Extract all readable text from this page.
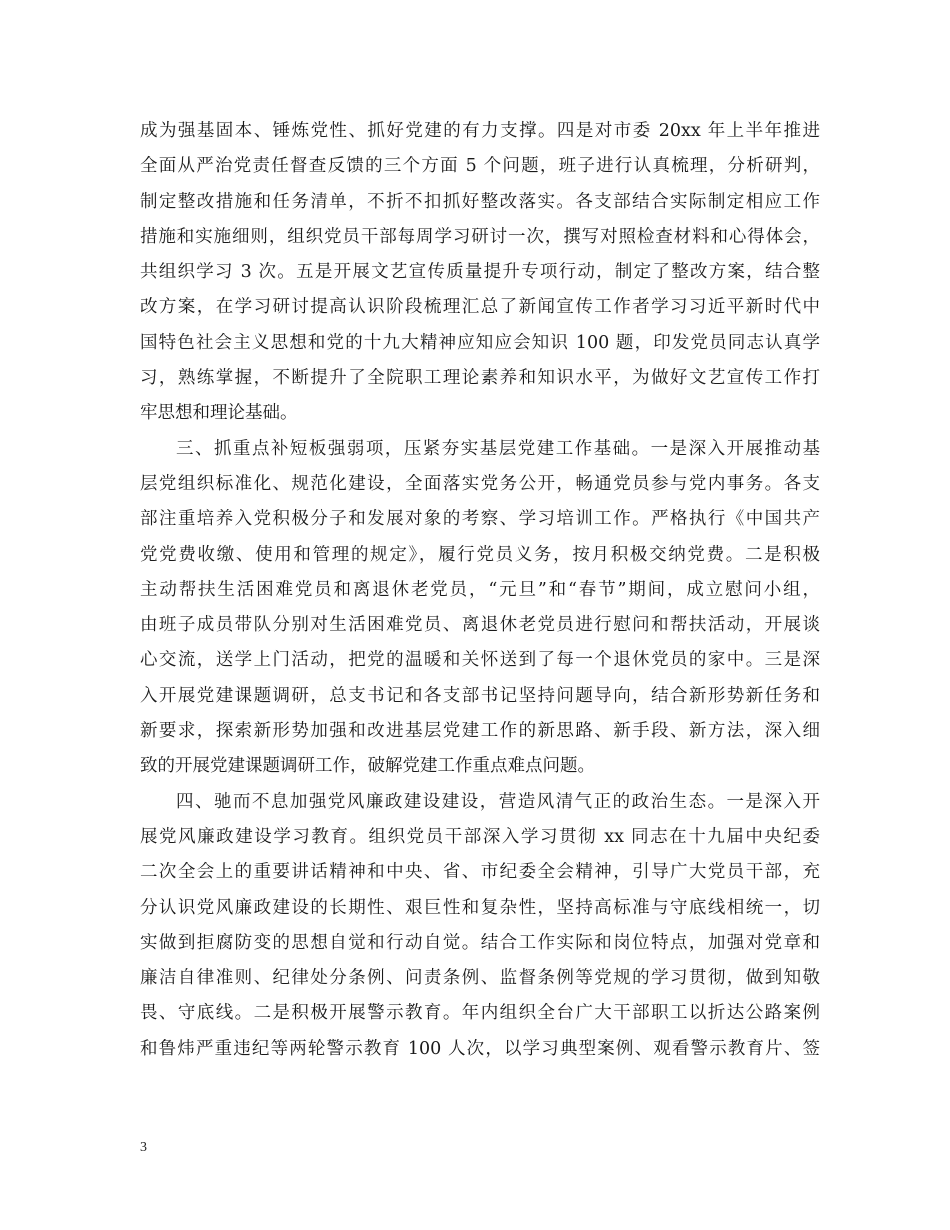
成为强基固本、锤炼党性、抓好党建的有力支撑。四是对市委 20xx 年上半年推进
全面从严治党责任督查反馈的三个方面 5 个问题，班子进行认真梳理，分析研判，
制定整改措施和任务清单，不折不扣抓好整改落实。各支部结合实际制定相应工作
措施和实施细则，组织党员干部每周学习研讨一次，撰写对照检查材料和心得体会，
共组织学习 3 次。五是开展文艺宣传质量提升专项行动，制定了整改方案，结合整
改方案，在学习研讨提高认识阶段梳理汇总了新闻宣传工作者学习习近平新时代中
国特色社会主义思想和党的十九大精神应知应会知识 100 题，印发党员同志认真学
习，熟练掌握，不断提升了全院职工理论素养和知识水平，为做好文艺宣传工作打
牢思想和理论基础。
三、抓重点补短板强弱项，压紧夯实基层党建工作基础。一是深入开展推动基
层党组织标准化、规范化建设，全面落实党务公开，畅通党员参与党内事务。各支
部注重培养入党积极分子和发展对象的考察、学习培训工作。严格执行《中国共产
党党费收缴、使用和管理的规定》，履行党员义务，按月积极交纳党费。二是积极
主动帮扶生活困难党员和离退休老党员，“元旦”和“春节”期间，成立慰问小组，
由班子成员带队分别对生活困难党员、离退休老党员进行慰问和帮扶活动，开展谈
心交流，送学上门活动，把党的温暖和关怀送到了每一个退休党员的家中。三是深
入开展党建课题调研，总支书记和各支部书记坚持问题导向，结合新形势新任务和
新要求，探索新形势加强和改进基层党建工作的新思路、新手段、新方法，深入细
致的开展党建课题调研工作，破解党建工作重点难点问题。
四、驰而不息加强党风廉政建设建设，营造风清气正的政治生态。一是深入开
展党风廉政建设学习教育。组织党员干部深入学习贯彻 xx 同志在十九届中央纪委
二次全会上的重要讲话精神和中央、省、市纪委全会精神，引导广大党员干部，充
分认识党风廉政建设的长期性、艰巨性和复杂性，坚持高标准与守底线相统一，切
实做到拒腐防变的思想自觉和行动自觉。结合工作实际和岗位特点，加强对党章和
廉洁自律准则、纪律处分条例、问责条例、监督条例等党规的学习贯彻，做到知敬
畏、守底线。二是积极开展警示教育。年内组织全台广大干部职工以折达公路案例
和鲁炜严重违纪等两轮警示教育 100 人次，以学习典型案例、观看警示教育片、签
3
